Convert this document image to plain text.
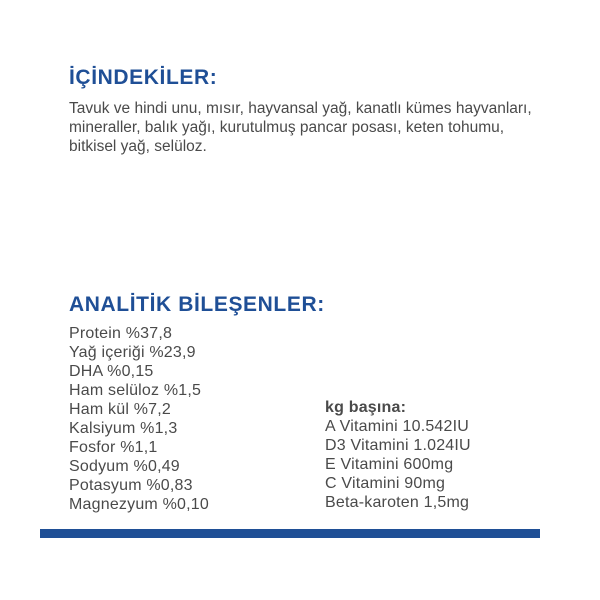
İÇİNDEKİLER:

Tavuk ve hindi unu, mısır, hayvansal yağ, kanatlı kümes hayvanları, mineraller, balık yağı, kurutulmuş pancar posası, keten tohumu, bitkisel yağ, selüloz.

ANALİTİK BİLEŞENLER:
Protein %37,8
Yağ içeriği %23,9
DHA %0,15
Ham selüloz %1,5
Ham kül %7,2
Kalsiyum %1,3
Fosfor %1,1
Sodyum %0,49
Potasyum %0,83
Magnezyum %0,10

kg başına:

A Vitamini 10.542IU
D3 Vitamini 1.024IU
E Vitamini 600mg
C Vitamini 90mg
Beta-karoten 1,5mg
